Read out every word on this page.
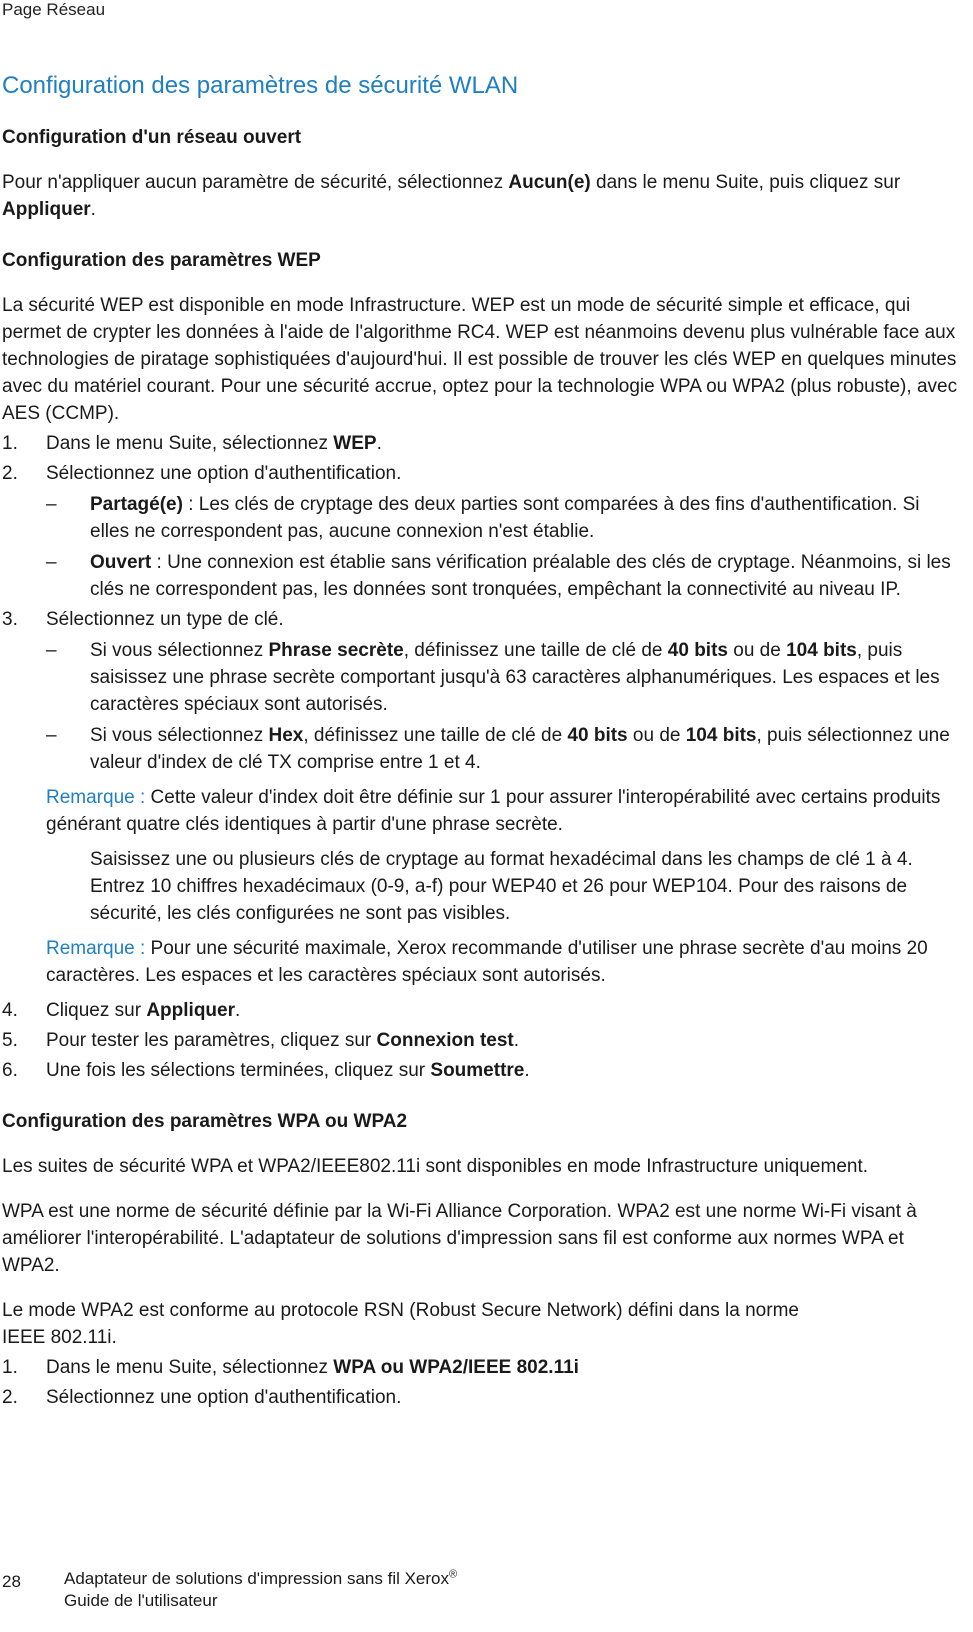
Page Réseau
Configuration des paramètres de sécurité WLAN
Configuration d'un réseau ouvert

Pour n'appliquer aucun paramètre de sécurité, sélectionnez Aucun(e) dans le menu Suite, puis cliquez sur Appliquer.

Configuration des paramètres WEP

La sécurité WEP est disponible en mode Infrastructure. WEP est un mode de sécurité simple et efficace, qui permet de crypter les données à l'aide de l'algorithme RC4. WEP est néanmoins devenu plus vulnérable face aux technologies de piratage sophistiquées d'aujourd'hui. Il est possible de trouver les clés WEP en quelques minutes avec du matériel courant. Pour une sécurité accrue, optez pour la technologie WPA ou WPA2 (plus robuste), avec AES (CCMP).

1. Dans le menu Suite, sélectionnez WEP.
2. Sélectionnez une option d'authentification.
– Partagé(e) : Les clés de cryptage des deux parties sont comparées à des fins d'authentification. Si elles ne correspondent pas, aucune connexion n'est établie.
– Ouvert : Une connexion est établie sans vérification préalable des clés de cryptage. Néanmoins, si les clés ne correspondent pas, les données sont tronquées, empêchant la connectivité au niveau IP.
3. Sélectionnez un type de clé.
– Si vous sélectionnez Phrase secrète, définissez une taille de clé de 40 bits ou de 104 bits, puis saisissez une phrase secrète comportant jusqu'à 63 caractères alphanumériques. Les espaces et les caractères spéciaux sont autorisés.
– Si vous sélectionnez Hex, définissez une taille de clé de 40 bits ou de 104 bits, puis sélectionnez une valeur d'index de clé TX comprise entre 1 et 4.

Remarque : Cette valeur d'index doit être définie sur 1 pour assurer l'interopérabilité avec certains produits générant quatre clés identiques à partir d'une phrase secrète.

Saisissez une ou plusieurs clés de cryptage au format hexadécimal dans les champs de clé 1 à 4. Entrez 10 chiffres hexadécimaux (0-9, a-f) pour WEP40 et 26 pour WEP104. Pour des raisons de sécurité, les clés configurées ne sont pas visibles.

Remarque : Pour une sécurité maximale, Xerox recommande d'utiliser une phrase secrète d'au moins 20 caractères. Les espaces et les caractères spéciaux sont autorisés.

4. Cliquez sur Appliquer.
5. Pour tester les paramètres, cliquez sur Connexion test.
6. Une fois les sélections terminées, cliquez sur Soumettre.
Configuration des paramètres WPA ou WPA2

Les suites de sécurité WPA et WPA2/IEEE802.11i sont disponibles en mode Infrastructure uniquement.

WPA est une norme de sécurité définie par la Wi-Fi Alliance Corporation. WPA2 est une norme Wi-Fi visant à améliorer l'interopérabilité. L'adaptateur de solutions d'impression sans fil est conforme aux normes WPA et WPA2.

Le mode WPA2 est conforme au protocole RSN (Robust Secure Network) défini dans la norme
IEEE 802.11i.

1. Dans le menu Suite, sélectionnez WPA ou WPA2/IEEE 802.11i
2. Sélectionnez une option d'authentification.
28	Adaptateur de solutions d'impression sans fil Xerox®
Guide de l'utilisateur
